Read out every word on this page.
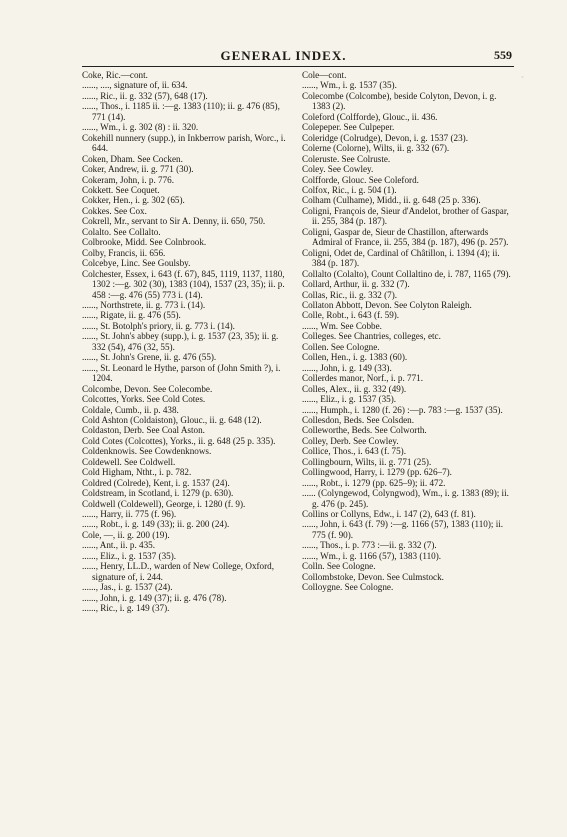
GENERAL INDEX.	559

Coke, Ric.—cont.

......, ...., signature of, ii. 634.

......, Ric., ii. g. 332 (57), 648 (17).

......, Thos., i. 1185 ii. :—g. 1383 (110); ii. g. 476 (85), 771 (14).

......, Wm., i. g. 302 (8) : ii. 320.

Cokehill nunnery (supp.), in Inkberrow parish, Worc., i. 644.

Coken, Dham. See Cocken.

Coker, Andrew, ii. g. 771 (30).

Cokeram, John, i. p. 776.

Cokkett. See Coquet.

Cokker, Hen., i. g. 302 (65).

Cokkes. See Cox.

Cokrell, Mr., servant to Sir A. Denny, ii. 650, 750.

Colalto. See Collalto.

Colbrooke, Midd. See Colnbrook.

Colby, Francis, ii. 656.

Colcebye, Linc. See Goulsby.

Colchester, Essex, i. 643 (f. 67), 845, 1119, 1137, 1180, 1302 :—g. 302 (30), 1383 (104), 1537 (23, 35); ii. p. 458 :—g. 476 (55) 773 i. (14).

......, Northstrete, ii. g. 773 i. (14).

......, Rigate, ii. g. 476 (55).

......, St. Botolph's priory, ii. g. 773 i. (14).

......, St. John's abbey (supp.), i. g. 1537 (23, 35); ii. g. 332 (54), 476 (32, 55).

......, St. John's Grene, ii. g. 476 (55).

......, St. Leonard le Hythe, parson of (John Smith ?), i. 1204.

Colcombe, Devon. See Colecombe.

Colcottes, Yorks. See Cold Cotes.

Coldale, Cumb., ii. p. 438.

Cold Ashton (Coldaiston), Glouc., ii. g. 648 (12).

Coldaston, Derb. See Coal Aston.

Cold Cotes (Colcottes), Yorks., ii. g. 648 (25 p. 335).

Coldenknowis. See Cowdenknows.

Coldewell. See Coldwell.

Cold Higham, Ntht., i. p. 782.

Coldred (Colrede), Kent, i. g. 1537 (24).

Coldstream, in Scotland, i. 1279 (p. 630).

Coldwell (Coldewell), George, i. 1280 (f. 9).

......, Harry, ii. 775 (f. 96).

......, Robt., i. g. 149 (33); ii. g. 200 (24).

Cole, —, ii. g. 200 (19).

......, Ant., ii. p. 435.

......, Eliz., i. g. 1537 (35).

......, Henry, LL.D., warden of New College, Oxford, signature of, i. 244.

......, Jas., i. g. 1537 (24).

......, John, i. g. 149 (37); ii. g. 476 (78).

......, Ric., i. g. 149 (37).

Cole—cont.

......, Wm., i. g. 1537 (35).

Colecombe (Colcombe), beside Colyton, Devon, i. g. 1383 (2).

Coleford (Colfforde), Glouc., ii. 436.

Colepeper. See Culpeper.

Coleridge (Colrudge), Devon, i. g. 1537 (23).

Colerne (Colorne), Wilts, ii. g. 332 (67).

Coleruste. See Colruste.

Coley. See Cowley.

Colfforde, Glouc. See Coleford.

Colfox, Ric., i. g. 504 (1).

Colham (Culhame), Midd., ii. g. 648 (25 p. 336).

Coligni, François de, Sieur d'Andelot, brother of Gaspar, ii. 255, 384 (p. 187).

Coligni, Gaspar de, Sieur de Chastillon, afterwards Admiral of France, ii. 255, 384 (p. 187), 496 (p. 257).

Coligni, Odet de, Cardinal of Châtillon, i. 1394 (4); ii. 384 (p. 187).

Collalto (Colalto), Count Collaltino de, i. 787, 1165 (79).

Collard, Arthur, ii. g. 332 (7).

Collas, Ric., ii. g. 332 (7).

Collaton Abbott, Devon. See Colyton Raleigh.

Colle, Robt., i. 643 (f. 59).

......, Wm. See Cobbe.

Colleges. See Chantries, colleges, etc.

Collen. See Cologne.

Collen, Hen., i. g. 1383 (60).

......, John, i. g. 149 (33).

Collerdes manor, Norf., i. p. 771.

Colles, Alex., ii. g. 332 (49).

......, Eliz., i. g. 1537 (35).

......, Humph., i. 1280 (f. 26) :—p. 783 :—g. 1537 (35).

Collesdon, Beds. See Colsden.

Colleworthe, Beds. See Colworth.

Colley, Derb. See Cowley.

Collice, Thos., i. 643 (f. 75).

Collingbourn, Wilts, ii. g. 771 (25).

Collingwood, Harry, i. 1279 (pp. 626–7).

......, Robt., i. 1279 (pp. 625–9); ii. 472.

...... (Colyngewod, Colyngwod), Wm., i. g. 1383 (89); ii. g. 476 (p. 245).

Collins or Collyns, Edw., i. 147 (2), 643 (f. 81).

......, John, i. 643 (f. 79) :—g. 1166 (57), 1383 (110); ii. 775 (f. 90).

......, Thos., i. p. 773 :—ii. g. 332 (7).

......, Wm., i. g. 1166 (57), 1383 (110).

Colln. See Cologne.

Collombstoke, Devon. See Culmstock.

Colloygne. See Cologne.

·
